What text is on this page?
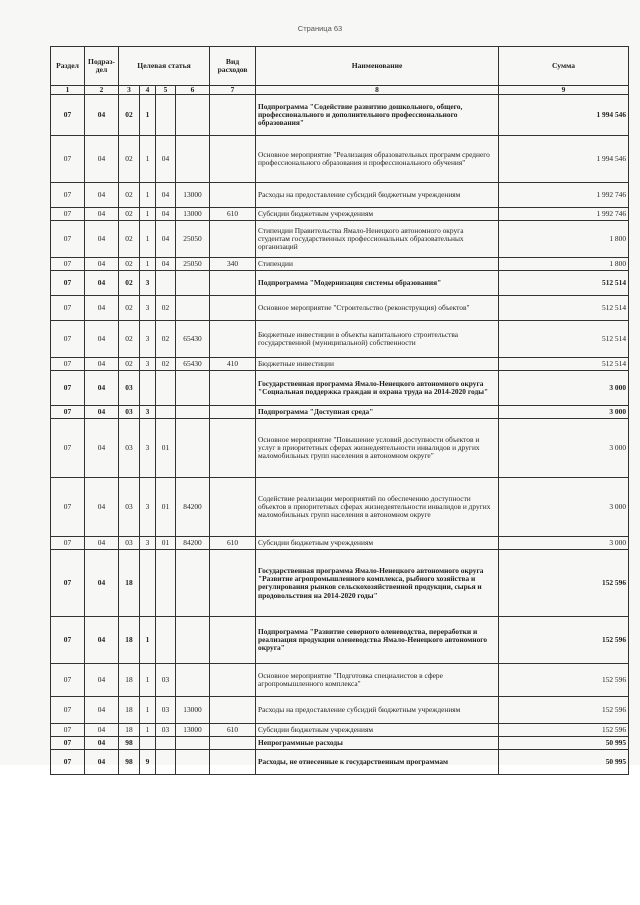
Страница 63
Раздел	Подраз-дел	Целевая статья				Вид расходов	Наименование	Сумма
1	2	3	4	5	6	7	8	9
07	04	02	1				Подпрограмма "Содействие развитию дошкольного, общего, профессионального и дополнительного профессионального образования"	1 994 546
07	04	02	1	04			Основное мероприятие "Реализация образовательных программ среднего профессионального образования и профессионального обучения"	1 994 546
07	04	02	1	04	13000		Расходы на предоставление субсидий бюджетным учреждениям	1 992 746
07	04	02	1	04	13000	610	Субсидии бюджетным учреждениям	1 992 746
07	04	02	1	04	25050		Стипендии Правительства Ямало-Ненецкого автономного округа студентам государственных профессиональных образовательных организаций	1 800
07	04	02	1	04	25050	340	Стипендии	1 800
07	04	02	3				Подпрограмма "Модернизация системы образования"	512 514
07	04	02	3	02			Основное мероприятие "Строительство (реконструкция) объектов"	512 514
07	04	02	3	02	65430		Бюджетные инвестиции в объекты капитального строительства государственной (муниципальной) собственности	512 514
07	04	02	3	02	65430	410	Бюджетные инвестиции	512 514
07	04	03					Государственная программа Ямало-Ненецкого автономного округа "Социальная поддержка граждан и охрана труда на 2014-2020 годы"	3 000
07	04	03	3				Подпрограмма "Доступная среда"	3 000
07	04	03	3	01			Основное мероприятие "Повышение условий доступности объектов и услуг в приоритетных сферах жизнедеятельности инвалидов и других маломобильных групп населения в автономном округе"	3 000
07	04	03	3	01	84200		Содействие реализации мероприятий по обеспечению доступности объектов в приоритетных сферах жизнедеятельности инвалидов и других маломобильных групп населения в автономном округе	3 000
07	04	03	3	01	84200	610	Субсидии бюджетным учреждениям	3 000
07	04	18					Государственная программа Ямало-Ненецкого автономного округа "Развитие агропромышленного комплекса, рыбного хозяйства и регулирования рынков сельскохозяйственной продукции, сырья и продовольствия на 2014-2020 годы"	152 596
07	04	18	1				Подпрограмма "Развитие северного оленеводства, переработки и реализация продукции оленеводства Ямало-Ненецкого автономного округа"	152 596
07	04	18	1	03			Основное мероприятие "Подготовка специалистов в сфере агропромышленного комплекса"	152 596
07	04	18	1	03	13000		Расходы на предоставление субсидий бюджетным учреждениям	152 596
07	04	18	1	03	13000	610	Субсидии бюджетным учреждениям	152 596
07	04	98					Непрограммные расходы	50 995
07	04	98	9				Расходы, не отнесенные к государственным программам	50 995
